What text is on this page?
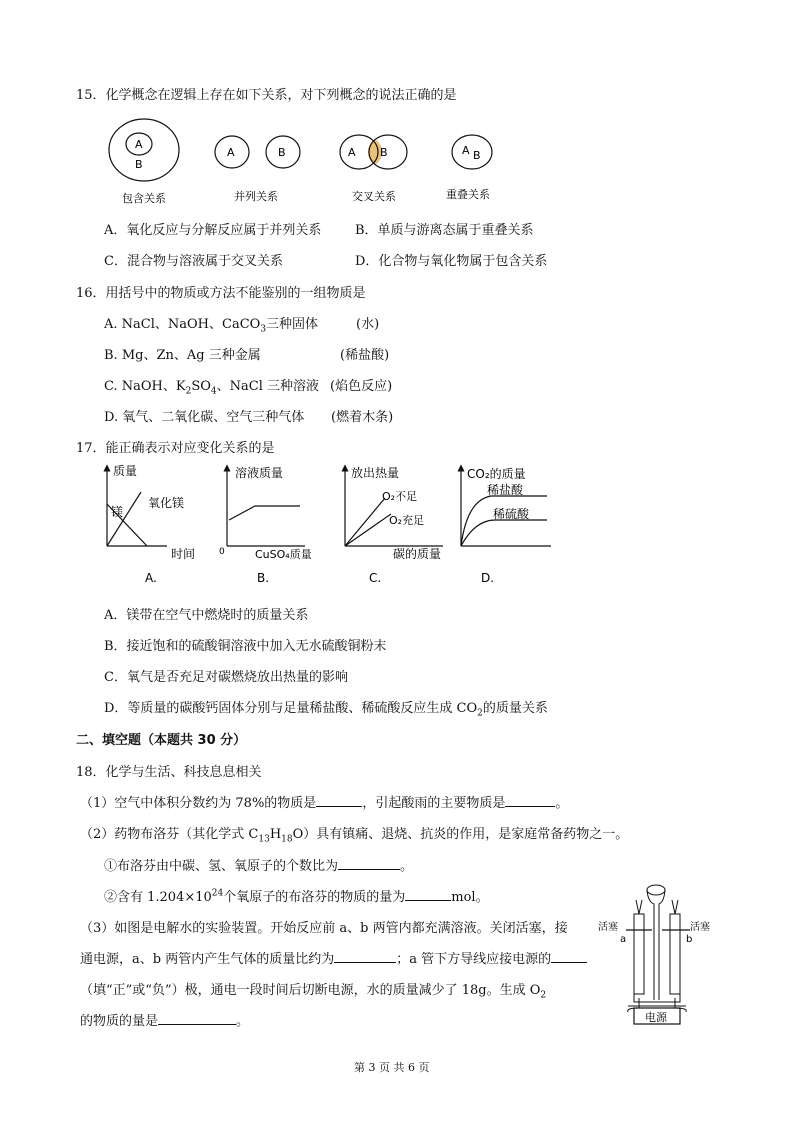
15．化学概念在逻辑上存在如下关系，对下列概念的说法正确的是
A
B
A	B	A B	A B
包含关系	并列关系	交叉关系	重叠关系
A．氧化反应与分解反应属于并列关系	B．单质与游离态属于重叠关系
C．混合物与溶液属于交叉关系	D．化合物与氧化物属于包含关系
16．用括号中的物质或方法不能鉴别的一组物质是
A. NaCl、NaOH、CaCO$_3$三种固体	(水)
B. Mg、Zn、Ag 三种金属	(稀盐酸)
C. NaOH、$K_2SO_4$、NaCl 三种溶液 (焰色反应)
D. 氧气、二氧化碳、空气三种气体 (燃着木条)
17．能正确表示对应变化关系的是
质量
氧化镁
镁
时间
A.
溶液质量
0	CuSO₄质量
B.
放出热量
O₂不足
O₂充足
碳的质量
C.
CO₂的质量
稀盐酸
稀硫酸
D.
A．镁带在空气中燃烧时的质量关系
B．接近饱和的硫酸铜溶液中加入无水硫酸铜粉末
C．氧气是否充足对碳燃烧放出热量的影响
D．等质量的碳酸钙固体分别与足量稀盐酸、稀硫酸反应生成 $CO_2$的质量关系
二、填空题（本题共 30 分）
18．化学与生活、科技息息相关
（1）空气中体积分数约为 78%的物质是	，引起酸雨的主要物质是	。
（2）药物布洛芬（其化学式 $C_{13}H_{18}O$）具有镇痛、退烧、抗炎的作用，是家庭常备药物之一。
①布洛芬由中碳、氢、氧原子的个数比为	。
②含有 $1.204\times 10^{24}$个氧原子的布洛芬的物质的量为	mol。
（3）如图是电解水的实验装置。开始反应前 a、b 两管内都充满溶液。关闭活塞，接
通电源，a、b 两管内产生气体的质量比约为	；a 管下方导线应接电源的
（填“正”或“负”）极，通电一段时间后切断电源，水的质量减少了 18g。生成 $O_2$
的物质的量是	。
活塞	活塞
a	b
电源
第 3 页 共 6 页
